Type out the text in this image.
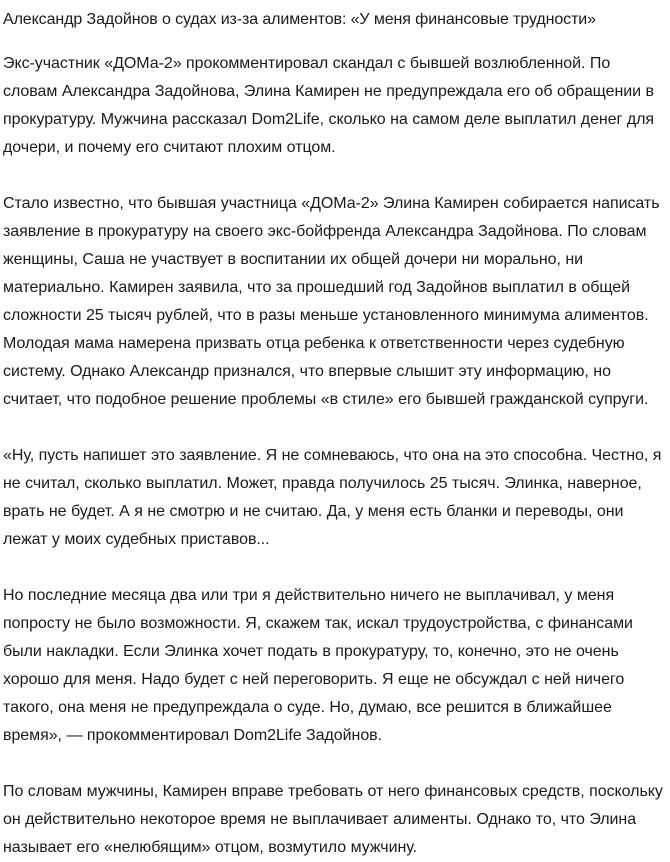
Александр Задойнов о судах из-за алиментов: «У меня финансовые трудности»

Экс-участник «ДОМа-2» прокомментировал скандал с бывшей возлюбленной. По словам Александра Задойнова, Элина Камирен не предупреждала его об обращении в прокуратуру. Мужчина рассказал Dom2Life, сколько на самом деле выплатил денег для дочери, и почему его считают плохим отцом.

Стало известно, что бывшая участница «ДОМа-2» Элина Камирен собирается написать заявление в прокуратуру на своего экс-бойфренда Александра Задойнова. По словам женщины, Саша не участвует в воспитании их общей дочери ни морально, ни материально. Камирен заявила, что за прошедший год Задойнов выплатил в общей сложности 25 тысяч рублей, что в разы меньше установленного минимума алиментов. Молодая мама намерена призвать отца ребенка к ответственности через судебную систему. Однако Александр признался, что впервые слышит эту информацию, но считает, что подобное решение проблемы «в стиле» его бывшей гражданской супруги.

«Ну, пусть напишет это заявление. Я не сомневаюсь, что она на это способна. Честно, я не считал, сколько выплатил. Может, правда получилось 25 тысяч. Элинка, наверное, врать не будет. А я не смотрю и не считаю. Да, у меня есть бланки и переводы, они лежат у моих судебных приставов...

Но последние месяца два или три я действительно ничего не выплачивал, у меня попросту не было возможности. Я, скажем так, искал трудоустройства, с финансами были накладки. Если Элинка хочет подать в прокуратуру, то, конечно, это не очень хорошо для меня. Надо будет с ней переговорить. Я еще не обсуждал с ней ничего такого, она меня не предупреждала о суде. Но, думаю, все решится в ближайшее время», — прокомментировал Dom2Life Задойнов.

По словам мужчины, Камирен вправе требовать от него финансовых средств, поскольку он действительно некоторое время не выплачивает алименты. Однако то, что Элина называет его «нелюбящим» отцом, возмутило мужчину.
